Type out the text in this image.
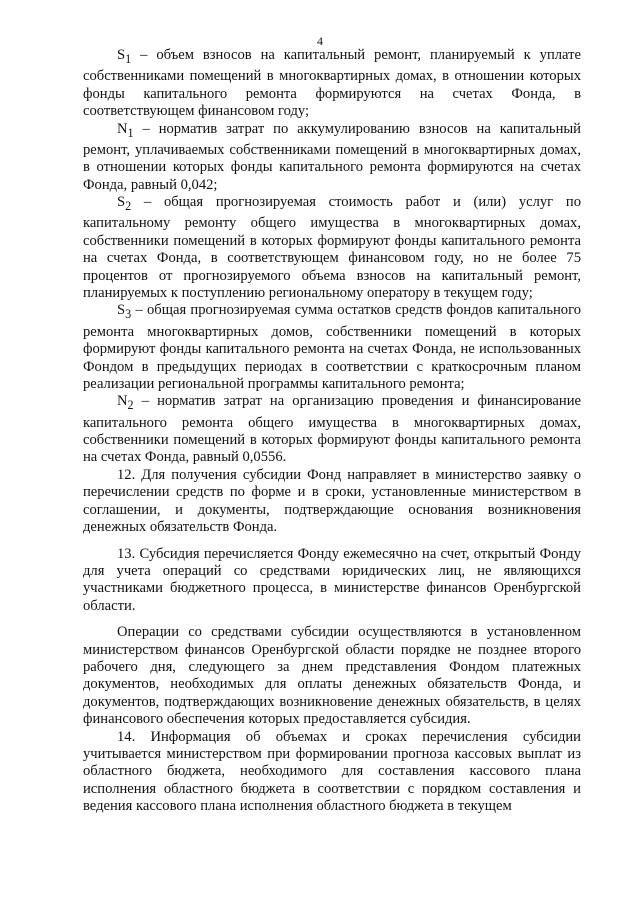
4

$S_1$ – объем взносов на капитальный ремонт, планируемый к уплате собственниками помещений в многоквартирных домах, в отношении которых фонды капитального ремонта формируются на счетах Фонда, в соответствующем финансовом году;

$N_1$ – норматив затрат по аккумулированию взносов на капитальный ремонт, уплачиваемых собственниками помещений в многоквартирных домах, в отношении которых фонды капитального ремонта формируются на счетах Фонда, равный 0,042;

$S_2$ – общая прогнозируемая стоимость работ и (или) услуг по капитальному ремонту общего имущества в многоквартирных домах, собственники помещений в которых формируют фонды капитального ремонта на счетах Фонда, в соответствующем финансовом году, но не более 75 процентов от прогнозируемого объема взносов на капитальный ремонт, планируемых к поступлению региональному оператору в текущем году;

$S_3$ – общая прогнозируемая сумма остатков средств фондов капитального ремонта многоквартирных домов, собственники помещений в которых формируют фонды капитального ремонта на счетах Фонда, не использованных Фондом в предыдущих периодах в соответствии с краткосрочным планом реализации региональной программы капитального ремонта;

$N_2$ – норматив затрат на организацию проведения и финансирование капитального ремонта общего имущества в многоквартирных домах, собственники помещений в которых формируют фонды капитального ремонта на счетах Фонда, равный 0,0556.

12. Для получения субсидии Фонд направляет в министерство заявку о перечислении средств по форме и в сроки, установленные министерством в соглашении, и документы, подтверждающие основания возникновения денежных обязательств Фонда.

13. Субсидия перечисляется Фонду ежемесячно на счет, открытый Фонду для учета операций со средствами юридических лиц, не являющихся участниками бюджетного процесса, в министерстве финансов Оренбургской области.

Операции со средствами субсидии осуществляются в установленном министерством финансов Оренбургской области порядке не позднее второго рабочего дня, следующего за днем представления Фондом платежных документов, необходимых для оплаты денежных обязательств Фонда, и документов, подтверждающих возникновение денежных обязательств, в целях финансового обеспечения которых предоставляется субсидия.

14. Информация об объемах и сроках перечисления субсидии учитывается министерством при формировании прогноза кассовых выплат из областного бюджета, необходимого для составления кассового плана исполнения областного бюджета в соответствии с порядком составления и ведения кассового плана исполнения областного бюджета в текущем
